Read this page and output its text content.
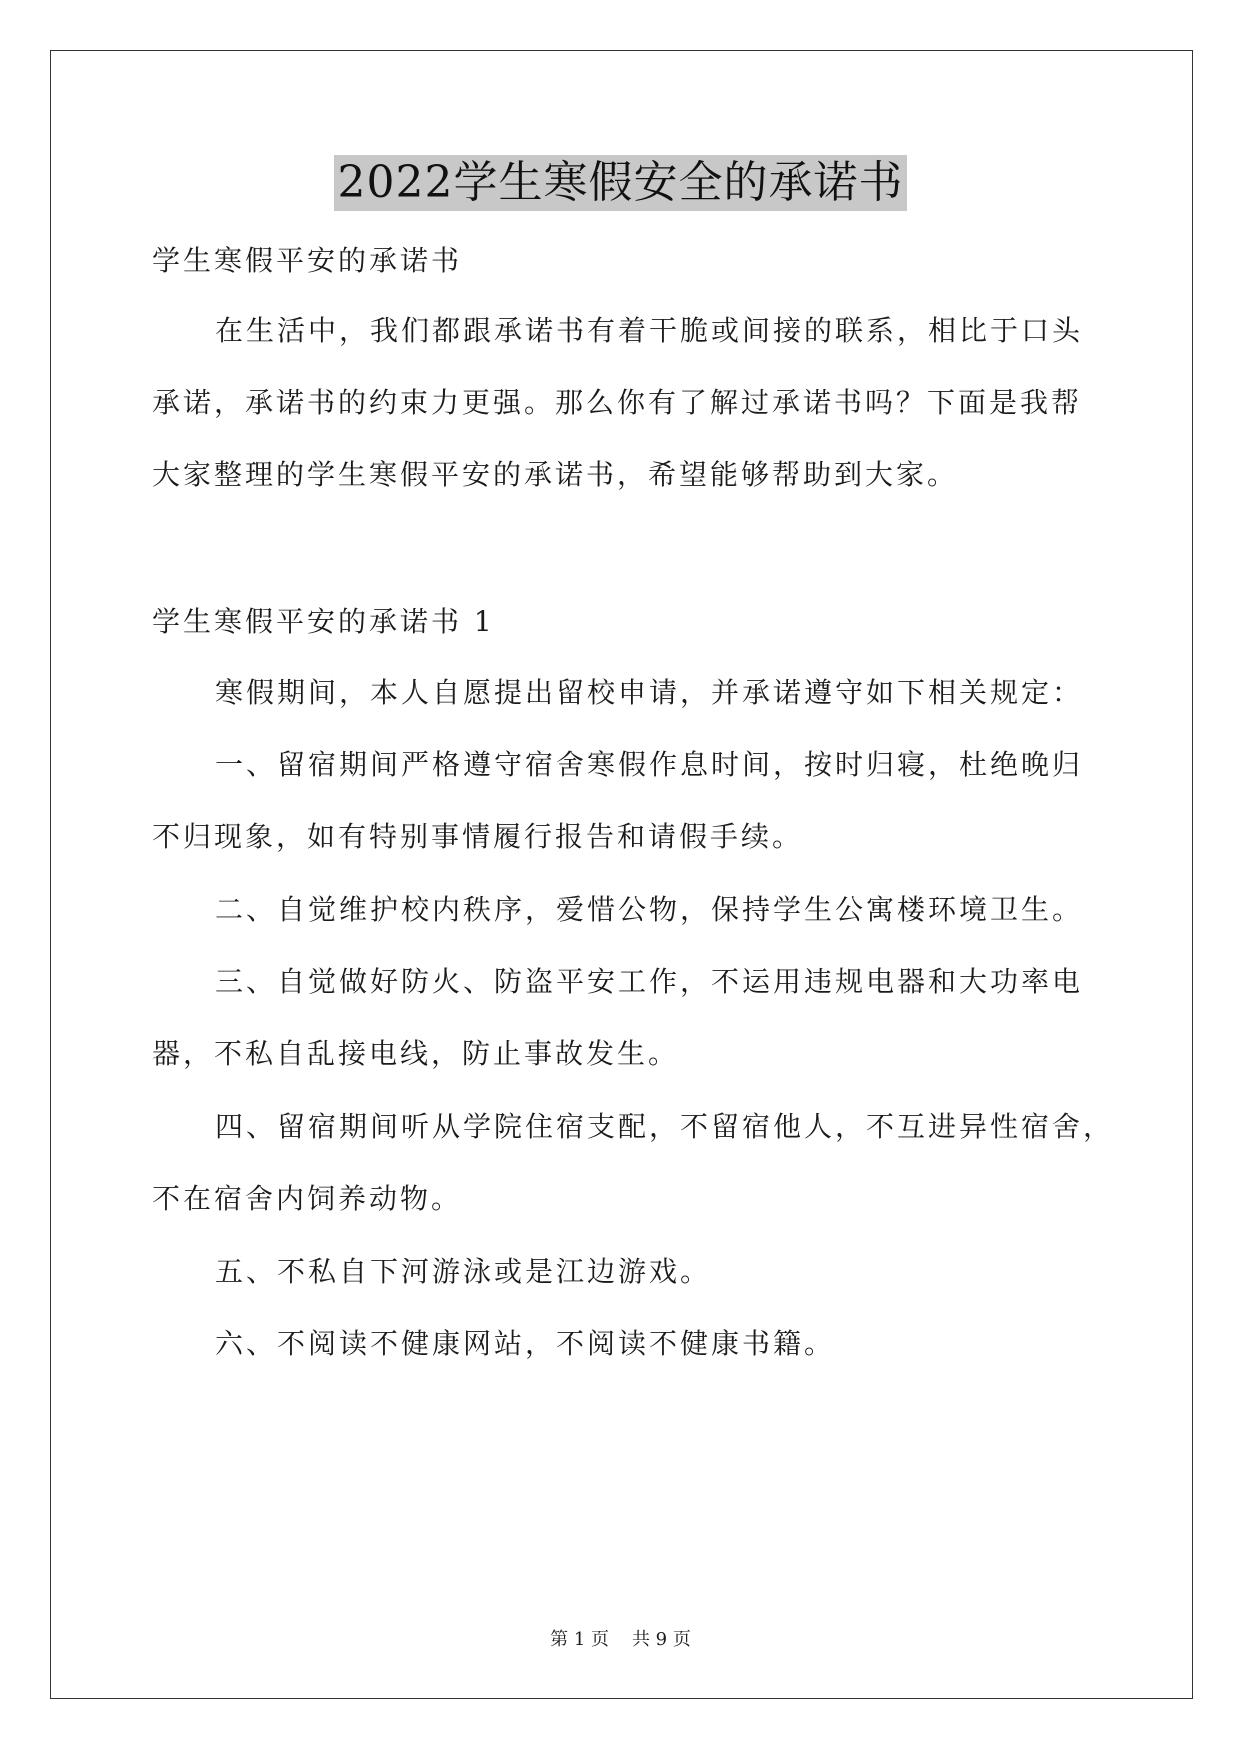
2022学生寒假安全的承诺书

学生寒假平安的承诺书

在生活中，我们都跟承诺书有着干脆或间接的联系，相比于口头

承诺，承诺书的约束力更强。那么你有了解过承诺书吗？下面是我帮

大家整理的学生寒假平安的承诺书，希望能够帮助到大家。

学生寒假平安的承诺书 1

寒假期间，本人自愿提出留校申请，并承诺遵守如下相关规定：

一、留宿期间严格遵守宿舍寒假作息时间，按时归寝，杜绝晚归

不归现象，如有特别事情履行报告和请假手续。

二、自觉维护校内秩序，爱惜公物，保持学生公寓楼环境卫生。

三、自觉做好防火、防盗平安工作，不运用违规电器和大功率电

器，不私自乱接电线，防止事故发生。

四、留宿期间听从学院住宿支配，不留宿他人，不互进异性宿舍，

不在宿舍内饲养动物。

五、不私自下河游泳或是江边游戏。

六、不阅读不健康网站，不阅读不健康书籍。

第 1 页    共 9 页
